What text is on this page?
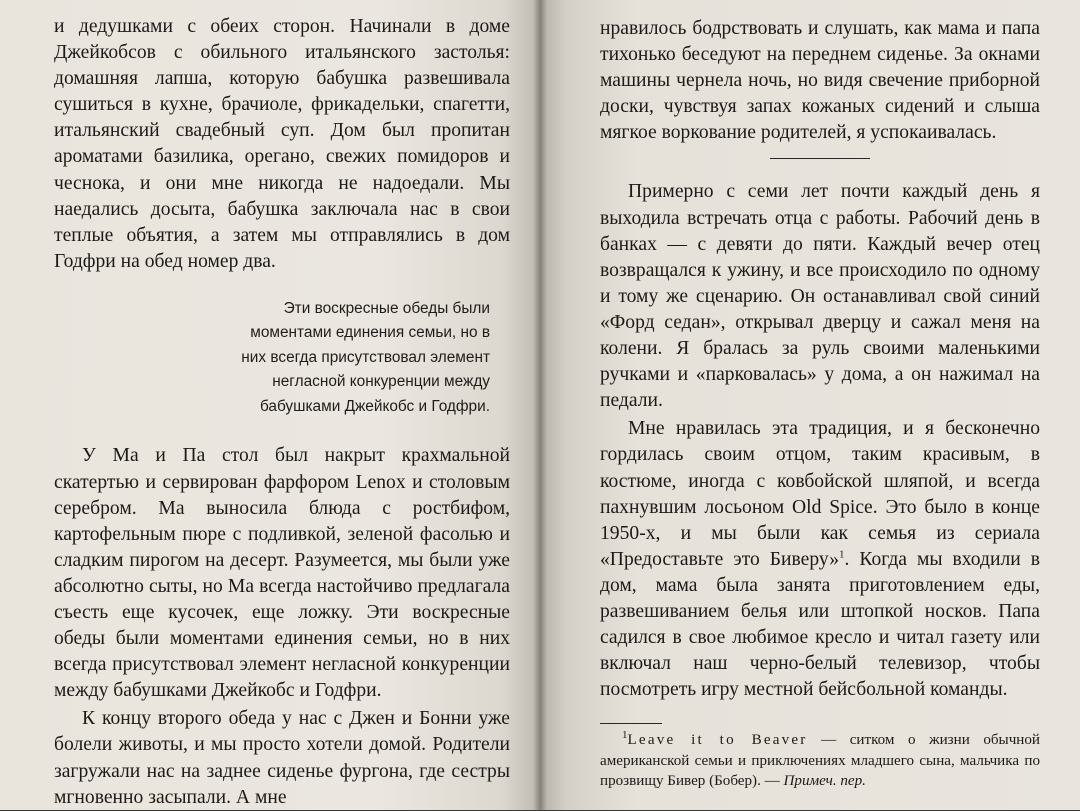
и дедушками с обеих сторон. Начинали в доме Джейкобсов с обильного итальянского застолья: домашняя лапша, которую бабушка развешивала сушиться в кухне, брачиоле, фрикадельки, спагетти, итальянский свадебный суп. Дом был пропитан ароматами базилика, орегано, свежих помидоров и чеснока, и они мне никогда не надоедали. Мы наедались досыта, бабушка заключала нас в свои теплые объятия, а затем мы отправлялись в дом Годфри на обед номер два.

Эти воскресные обеды были
моментами единения семьи, но в
них всегда присутствовал элемент
негласной конкуренции между
бабушками Джейкобс и Годфри.

У Ма и Па стол был накрыт крахмальной скатертью и сервирован фарфором Lenox и столовым серебром. Ма выносила блюда с ростбифом, картофельным пюре с подливкой, зеленой фасолью и сладким пирогом на десерт. Разумеется, мы были уже абсолютно сыты, но Ма всегда настойчиво предлагала съесть еще кусочек, еще ложку. Эти воскресные обеды были моментами единения семьи, но в них всегда присутствовал элемент негласной конкуренции между бабушками Джейкобс и Годфри.

К концу второго обеда у нас с Джен и Бонни уже болели животы, и мы просто хотели домой. Родители загружали нас на заднее сиденье фургона, где сестры мгновенно засыпали. А мне

нравилось бодрствовать и слушать, как мама и папа тихонько беседуют на переднем сиденье. За окнами машины чернела ночь, но видя свечение приборной доски, чувствуя запах кожаных сидений и слыша мягкое воркование родителей, я успокаивалась.

Примерно с семи лет почти каждый день я выходила встречать отца с работы. Рабочий день в банках — с девяти до пяти. Каждый вечер отец возвращался к ужину, и все происходило по одному и тому же сценарию. Он останавливал свой синий «Форд седан», открывал дверцу и сажал меня на колени. Я бралась за руль своими маленькими ручками и «парковалась» у дома, а он нажимал на педали.

Мне нравилась эта традиция, и я бесконечно гордилась своим отцом, таким красивым, в костюме, иногда с ковбойской шляпой, и всегда пахнувшим лосьоном Old Spice. Это было в конце 1950-х, и мы были как семья из сериала «Предоставьте это Биверу»$^1$. Когда мы входили в дом, мама была занята приготовлением еды, развешиванием белья или штопкой носков. Папа садился в свое любимое кресло и читал газету или включал наш черно-белый телевизор, чтобы посмотреть игру местной бейсбольной команды.

$^1$Leave it to Beaver — ситком о жизни обычной американской семьи и приключениях младшего сына, мальчика по прозвищу Бивер (Бобер). — Примеч. пер.
